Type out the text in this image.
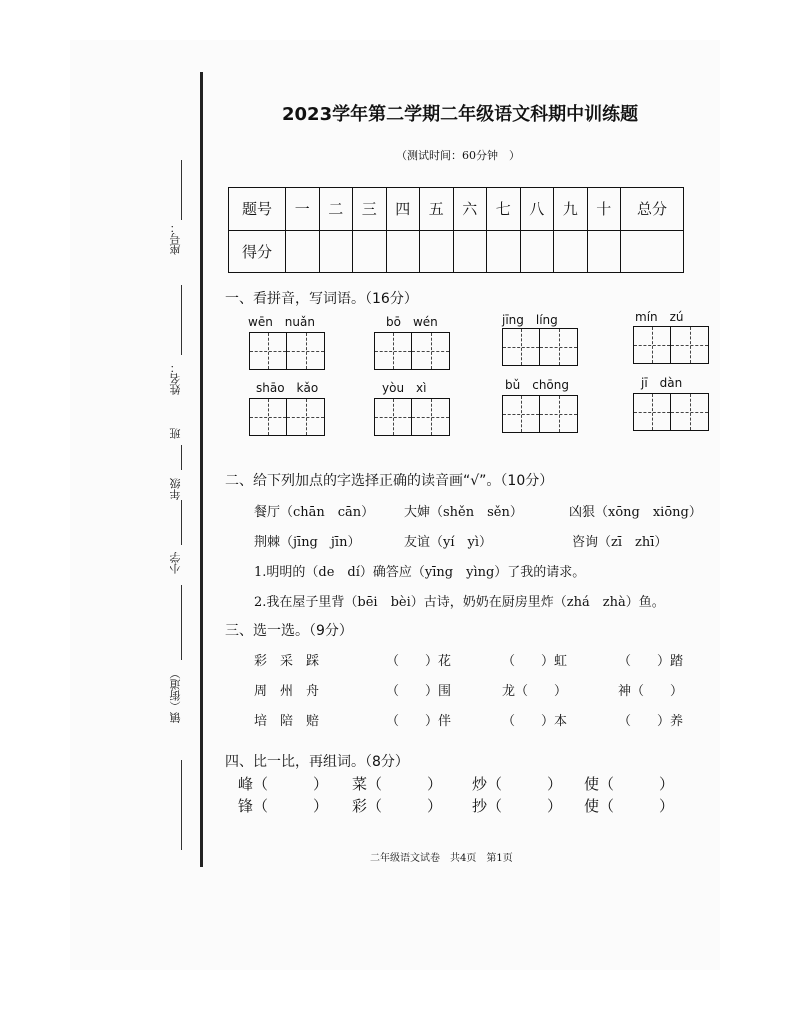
座号：
姓名：
班
年级
小学
镇（街道）
2023学年第二学期二年级语文科期中训练题
（测试时间：60分钟　）
题号	一	二	三	四	五	六	七	八	九	十	总分
得分											
一、看拼音，写词语。（16分）
wēn　nuǎn	bō　wén	jīng　líng	mín　zú
shāo　kǎo	yòu　xì	bǔ　chōng	jī　dàn
二、给下列加点的字选择正确的读音画“√”。（10分）
餐厅（chān　cān） 大婶（shěn　sěn）	凶狠（xōng　xiōng）
荆棘（jīng　jīn）	友谊（yí　yì）	咨询（zī　zhī）
1.明明的（de　dí）确答应（yīng　yìng）了我的请求。
2.我在屋子里背（bēi　bèi）古诗，奶奶在厨房里炸（zhá　zhà）鱼。
三、选一选。（9分）
彩　采　踩	（　　）花	（　　）虹	（　　）踏
周　州　舟	（　　）围	龙（　　）	神（　　）
培　陪　赔	（　　）伴	（　　）本	（　　）养
四、比一比，再组词。（8分）
峰（　　　） 菜（　　　） 炒（　　　） 使（　　　）
锋（　　　） 彩（　　　） 抄（　　　） 使（　　　）
二年级语文试卷　共4页　第1页
